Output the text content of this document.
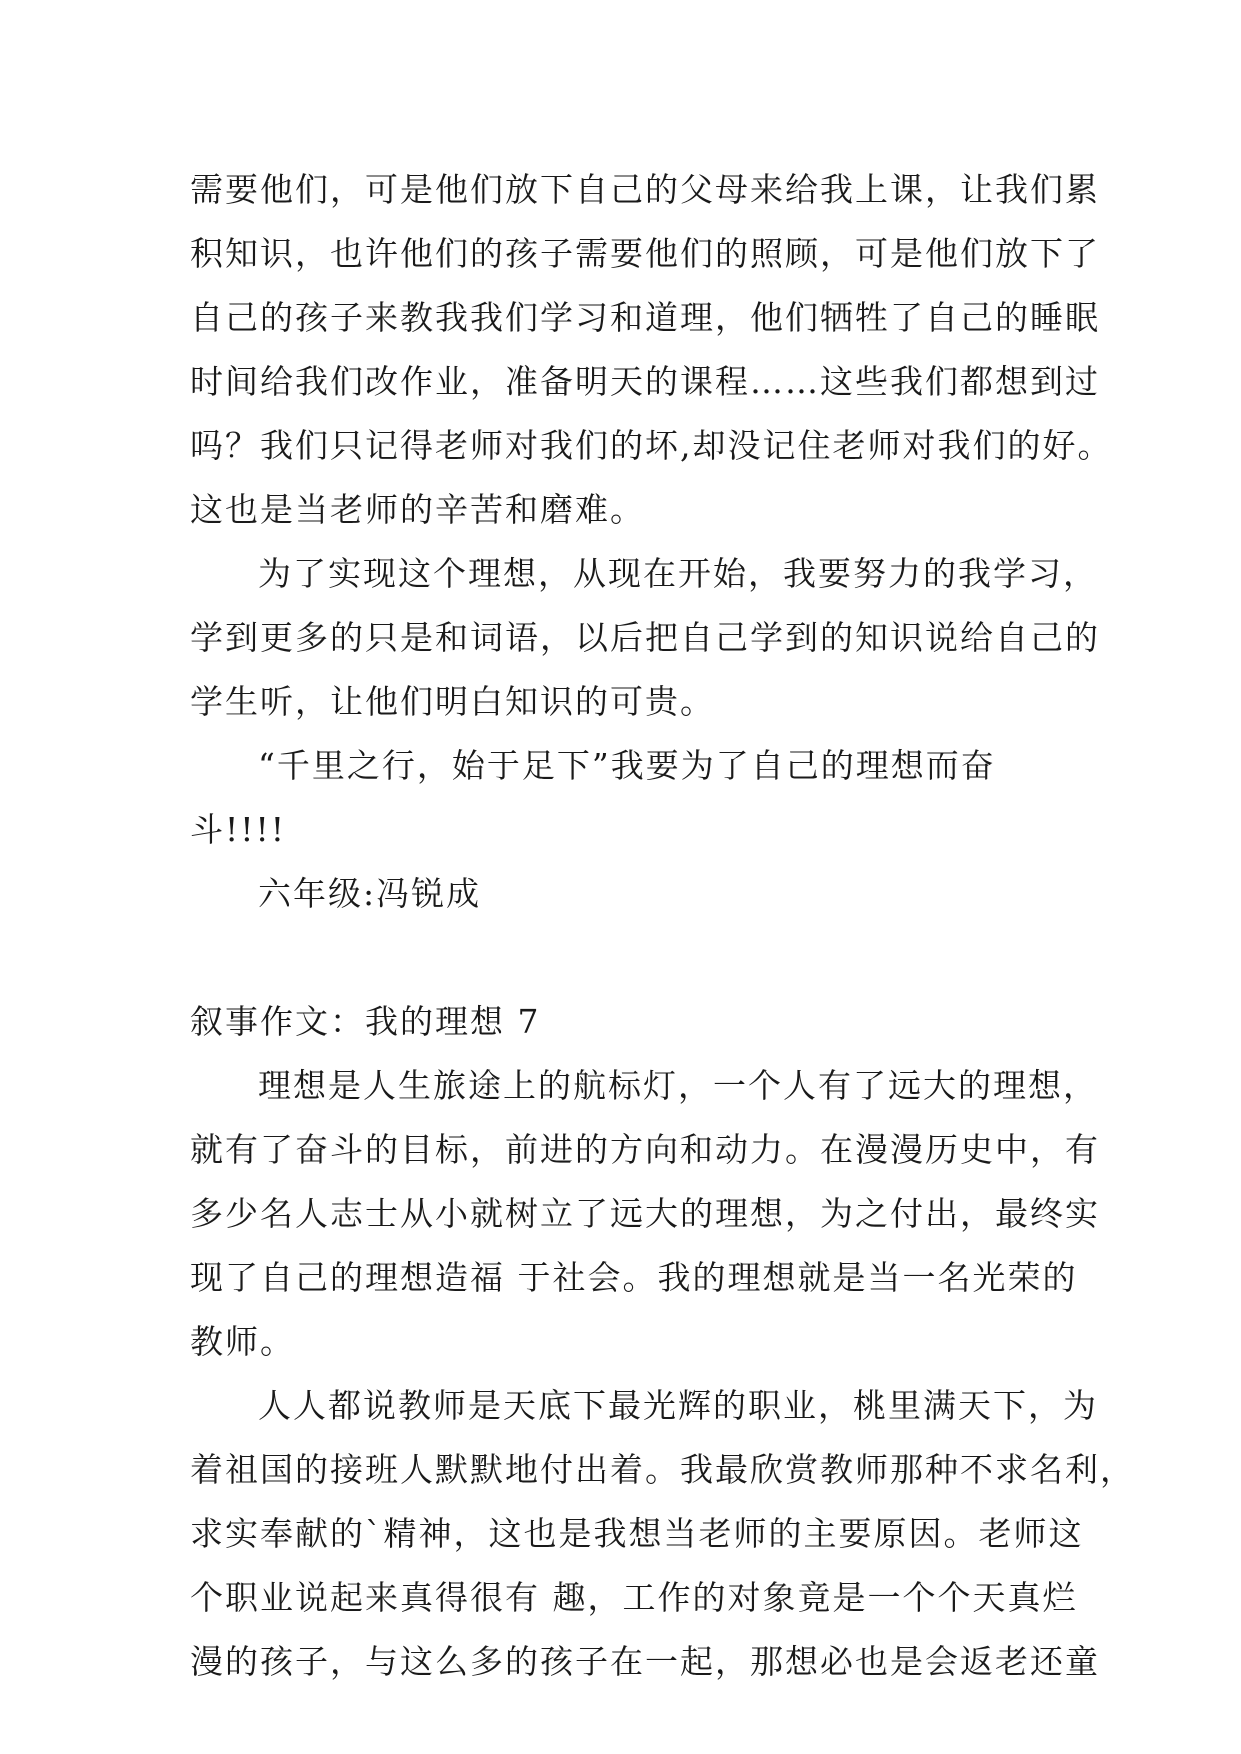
需要他们，可是他们放下自己的父母来给我上课，让我们累
积知识，也许他们的孩子需要他们的照顾，可是他们放下了
自己的孩子来教我我们学习和道理，他们牺牲了自己的睡眠
时间给我们改作业，准备明天的课程……这些我们都想到过
吗？我们只记得老师对我们的坏,却没记住老师对我们的好。
这也是当老师的辛苦和磨难。
为了实现这个理想，从现在开始，我要努力的我学习，
学到更多的只是和词语，以后把自己学到的知识说给自己的
学生听，让他们明白知识的可贵。
“千里之行，始于足下”我要为了自己的理想而奋
斗!!!!
六年级:冯锐成
叙事作文：我的理想 7
理想是人生旅途上的航标灯，一个人有了远大的理想，
就有了奋斗的目标，前进的方向和动力。在漫漫历史中，有
多少名人志士从小就树立了远大的理想，为之付出，最终实
现了自己的理想造福 于社会。我的理想就是当一名光荣的
教师。
人人都说教师是天底下最光辉的职业，桃里满天下，为
着祖国的接班人默默地付出着。我最欣赏教师那种不求名利，
求实奉献的`精神，这也是我想当老师的主要原因。老师这
个职业说起来真得很有 趣，工作的对象竟是一个个天真烂
漫的孩子，与这么多的孩子在一起，那想必也是会返老还童
